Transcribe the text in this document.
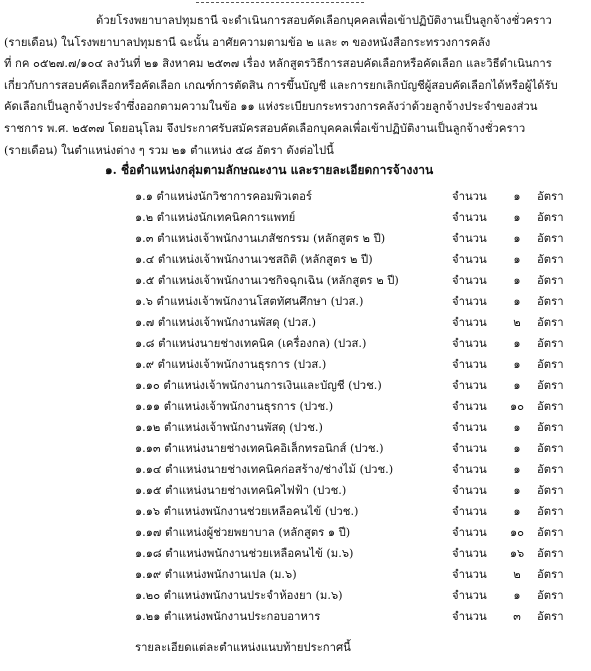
ด้วยโรงพยาบาลปทุมธานี จะดำเนินการสอบคัดเลือกบุคคลเพื่อเข้าปฏิบัติงานเป็นลูกจ้างชั่วคราว
(รายเดือน) ในโรงพยาบาลปทุมธานี ฉะนั้น อาศัยความตามข้อ ๒ และ ๓ ของหนังสือกระทรวงการคลัง
ที่ กค ๐๕๒๗.๗/๑๐๔ ลงวันที่ ๒๑ สิงหาคม ๒๕๓๗ เรื่อง หลักสูตรวิธีการสอบคัดเลือกหรือคัดเลือก และวิธีดำเนินการ
เกี่ยวกับการสอบคัดเลือกหรือคัดเลือก เกณฑ์การตัดสิน การขึ้นบัญชี และการยกเลิกบัญชีผู้สอบคัดเลือกได้หรือผู้ได้รับ
คัดเลือกเป็นลูกจ้างประจำซึ่งออกตามความในข้อ ๑๑ แห่งระเบียบกระทรวงการคลังว่าด้วยลูกจ้างประจำของส่วน
ราชการ พ.ศ. ๒๕๓๗ โดยอนุโลม จึงประกาศรับสมัครสอบคัดเลือกบุคคลเพื่อเข้าปฏิบัติงานเป็นลูกจ้างชั่วคราว
(รายเดือน) ในตำแหน่งต่าง ๆ รวม ๒๑ ตำแหน่ง ๕๘ อัตรา ดังต่อไปนี้
๑. ชื่อตำแหน่งกลุ่มตามลักษณะงาน และรายละเอียดการจ้างงาน
๑.๑ ตำแหน่งนักวิชาการคอมพิวเตอร์	จำนวน	๑	อัตรา
๑.๒ ตำแหน่งนักเทคนิคการแพทย์	จำนวน	๑	อัตรา
๑.๓ ตำแหน่งเจ้าพนักงานเภสัชกรรม (หลักสูตร ๒ ปี)	จำนวน	๑	อัตรา
๑.๔ ตำแหน่งเจ้าพนักงานเวชสถิติ (หลักสูตร ๒ ปี)	จำนวน	๑	อัตรา
๑.๕ ตำแหน่งเจ้าพนักงานเวชกิจฉุกเฉิน (หลักสูตร ๒ ปี)	จำนวน	๑	อัตรา
๑.๖ ตำแหน่งเจ้าพนักงานโสตทัศนศึกษา (ปวส.)	จำนวน	๑	อัตรา
๑.๗ ตำแหน่งเจ้าพนักงานพัสดุ (ปวส.)	จำนวน	๒	อัตรา
๑.๘ ตำแหน่งนายช่างเทคนิค (เครื่องกล) (ปวส.)	จำนวน	๑	อัตรา
๑.๙ ตำแหน่งเจ้าพนักงานธุรการ (ปวส.)	จำนวน	๑	อัตรา
๑.๑๐ ตำแหน่งเจ้าพนักงานการเงินและบัญชี (ปวช.)	จำนวน	๑	อัตรา
๑.๑๑ ตำแหน่งเจ้าพนักงานธุรการ (ปวช.)	จำนวน	๑๐	อัตรา
๑.๑๒ ตำแหน่งเจ้าพนักงานพัสดุ (ปวช.)	จำนวน	๑	อัตรา
๑.๑๓ ตำแหน่งนายช่างเทคนิคอิเล็กทรอนิกส์ (ปวช.)	จำนวน	๑	อัตรา
๑.๑๔ ตำแหน่งนายช่างเทคนิคก่อสร้าง/ช่างไม้ (ปวช.)	จำนวน	๑	อัตรา
๑.๑๕ ตำแหน่งนายช่างเทคนิคไฟฟ้า (ปวช.)	จำนวน	๑	อัตรา
๑.๑๖ ตำแหน่งพนักงานช่วยเหลือคนไข้ (ปวช.)	จำนวน	๑	อัตรา
๑.๑๗ ตำแหน่งผู้ช่วยพยาบาล (หลักสูตร ๑ ปี)	จำนวน	๑๐	อัตรา
๑.๑๘ ตำแหน่งพนักงานช่วยเหลือคนไข้ (ม.๖)	จำนวน	๑๖	อัตรา
๑.๑๙ ตำแหน่งพนักงานเปล (ม.๖)	จำนวน	๒	อัตรา
๑.๒๐ ตำแหน่งพนักงานประจำห้องยา (ม.๖)	จำนวน	๑	อัตรา
๑.๒๑ ตำแหน่งพนักงานประกอบอาหาร	จำนวน	๓	อัตรา
รายละเอียดแต่ละตำแหน่งแนบท้ายประกาศนี้
